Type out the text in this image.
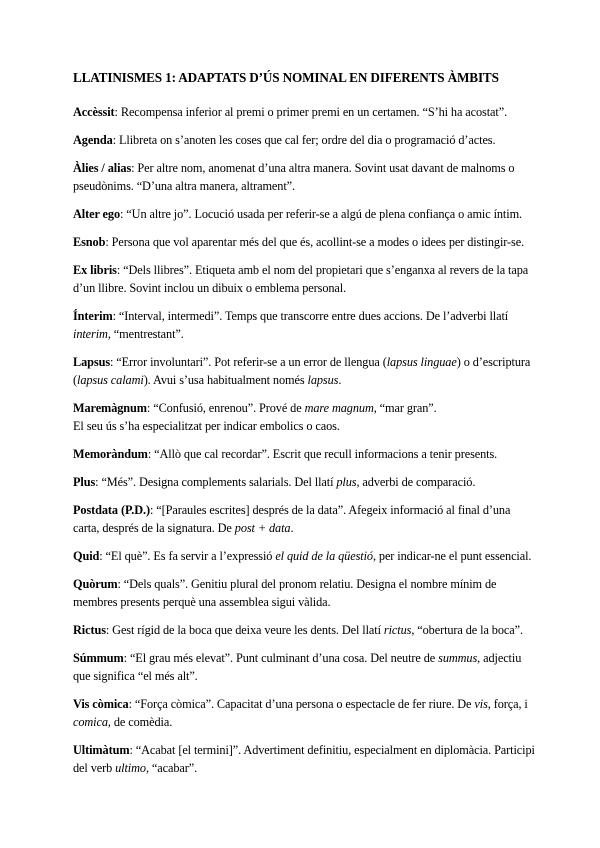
LLATINISMES 1: ADAPTATS D’ÚS NOMINAL EN DIFERENTS ÀMBITS

Accèssit: Recompensa inferior al premi o primer premi en un certamen. “S’hi ha acostat”.

Agenda: Llibreta on s’anoten les coses que cal fer; ordre del dia o programació d’actes.

Àlies / alias: Per altre nom, anomenat d’una altra manera. Sovint usat davant de malnoms o pseudònims. “D’una altra manera, altrament”.

Alter ego: “Un altre jo”. Locució usada per referir-se a algú de plena confiança o amic íntim.

Esnob: Persona que vol aparentar més del que és, acollint-se a modes o idees per distingir-se.

Ex libris: “Dels llibres”. Etiqueta amb el nom del propietari que s’enganxa al revers de la tapa d’un llibre. Sovint inclou un dibuix o emblema personal.

Ínterim: “Interval, intermedi”. Temps que transcorre entre dues accions. De l’adverbi llatí interim, “mentrestant”.

Lapsus: “Error involuntari”. Pot referir-se a un error de llengua (lapsus linguae) o d’escriptura (lapsus calami). Avui s’usa habitualment només lapsus.

Maremàgnum: “Confusió, enrenou”. Prové de mare magnum, “mar gran”.
El seu ús s’ha especialitzat per indicar embolics o caos.

Memoràndum: “Allò que cal recordar”. Escrit que recull informacions a tenir presents.

Plus: “Més”. Designa complements salarials. Del llatí plus, adverbi de comparació.

Postdata (P.D.): “[Paraules escrites] després de la data”. Afegeix informació al final d’una carta, després de la signatura. De post + data.

Quid: “El què”. Es fa servir a l’expressió el quid de la qüestió, per indicar-ne el punt essencial.

Quòrum: “Dels quals”. Genitiu plural del pronom relatiu. Designa el nombre mínim de membres presents perquè una assemblea sigui vàlida.

Rictus: Gest rígid de la boca que deixa veure les dents. Del llatí rictus, “obertura de la boca”.

Súmmum: “El grau més elevat”. Punt culminant d’una cosa. Del neutre de summus, adjectiu que significa “el més alt”.

Vis còmica: “Força còmica”. Capacitat d’una persona o espectacle de fer riure. De vis, força, i comica, de comèdia.

Ultimàtum: “Acabat [el termini]”. Advertiment definitiu, especialment en diplomàcia. Participi del verb ultimo, “acabar”.
